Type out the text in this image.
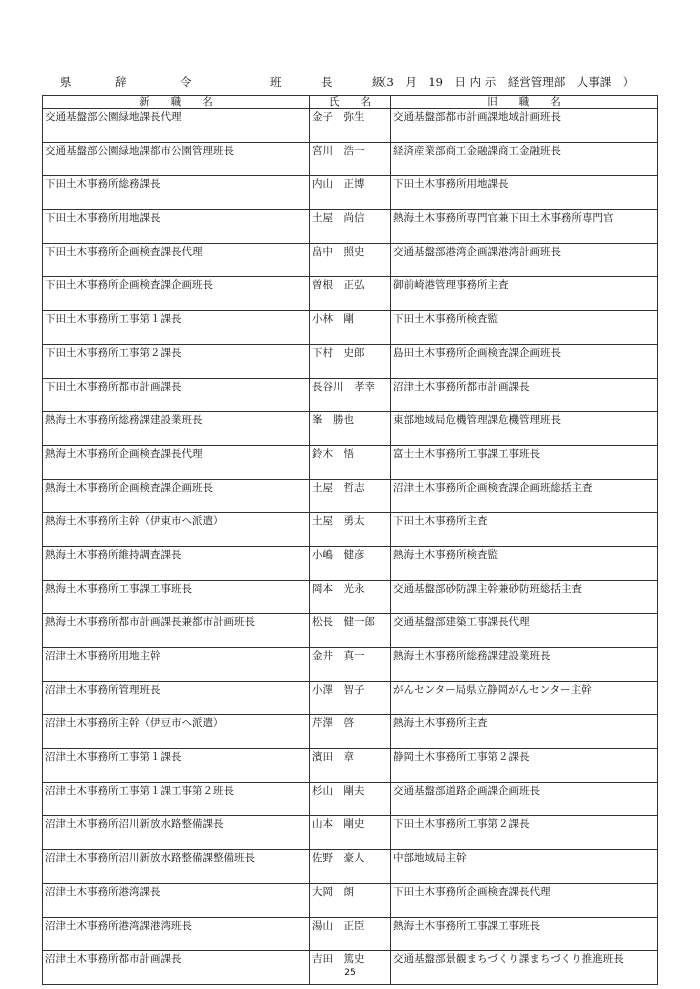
県	辞	令	班　長　級
（3　月　19　日 内 示　経営管理部　人事課　）
新　　職　　名	氏　　名	旧　　職　　名
交通基盤部公園緑地課長代理	金子　弥生	交通基盤部都市計画課地域計画班長
交通基盤部公園緑地課都市公園管理班長	宮川　浩一	経済産業部商工金融課商工金融班長
下田土木事務所総務課長	内山　正博	下田土木事務所用地課長
下田土木事務所用地課長	土屋　尚信	熱海土木事務所専門官兼下田土木事務所専門官
下田土木事務所企画検査課長代理	畠中　照史	交通基盤部港湾企画課港湾計画班長
下田土木事務所企画検査課企画班長	曽根　正弘	御前崎港管理事務所主査
下田土木事務所工事第１課長	小林　剛	下田土木事務所検査監
下田土木事務所工事第２課長	下村　史郎	島田土木事務所企画検査課企画班長
下田土木事務所都市計画課長	長谷川　孝幸	沼津土木事務所都市計画課長
熱海土木事務所総務課建設業班長	峯　勝也	東部地域局危機管理課危機管理班長
熱海土木事務所企画検査課長代理	鈴木　悟	富士土木事務所工事課工事班長
熱海土木事務所企画検査課企画班長	土屋　哲志	沼津土木事務所企画検査課企画班総括主査
熱海土木事務所主幹（伊東市へ派遣）	土屋　勇太	下田土木事務所主査
熱海土木事務所維持調査課長	小嶋　健彦	熱海土木事務所検査監
熱海土木事務所工事課工事班長	岡本　光永	交通基盤部砂防課主幹兼砂防班総括主査
熱海土木事務所都市計画課長兼都市計画班長	松長　健一郎	交通基盤部建築工事課長代理
沼津土木事務所用地主幹	金井　真一	熱海土木事務所総務課建設業班長
沼津土木事務所管理班長	小澤　智子	がんセンター局県立静岡がんセンター主幹
沼津土木事務所主幹（伊豆市へ派遣）	芹澤　啓	熱海土木事務所主査
沼津土木事務所工事第１課長	濱田　章	静岡土木事務所工事第２課長
沼津土木事務所工事第１課工事第２班長	杉山　剛夫	交通基盤部道路企画課企画班長
沼津土木事務所沼川新放水路整備課長	山本　剛史	下田土木事務所工事第２課長
沼津土木事務所沼川新放水路整備課整備班長	佐野　豪人	中部地域局主幹
沼津土木事務所港湾課長	大岡　朗	下田土木事務所企画検査課長代理
沼津土木事務所港湾課港湾班長	湯山　正臣	熱海土木事務所工事課工事班長
沼津土木事務所都市計画課長	吉田　篤史	交通基盤部景観まちづくり課まちづくり推進班長
25
